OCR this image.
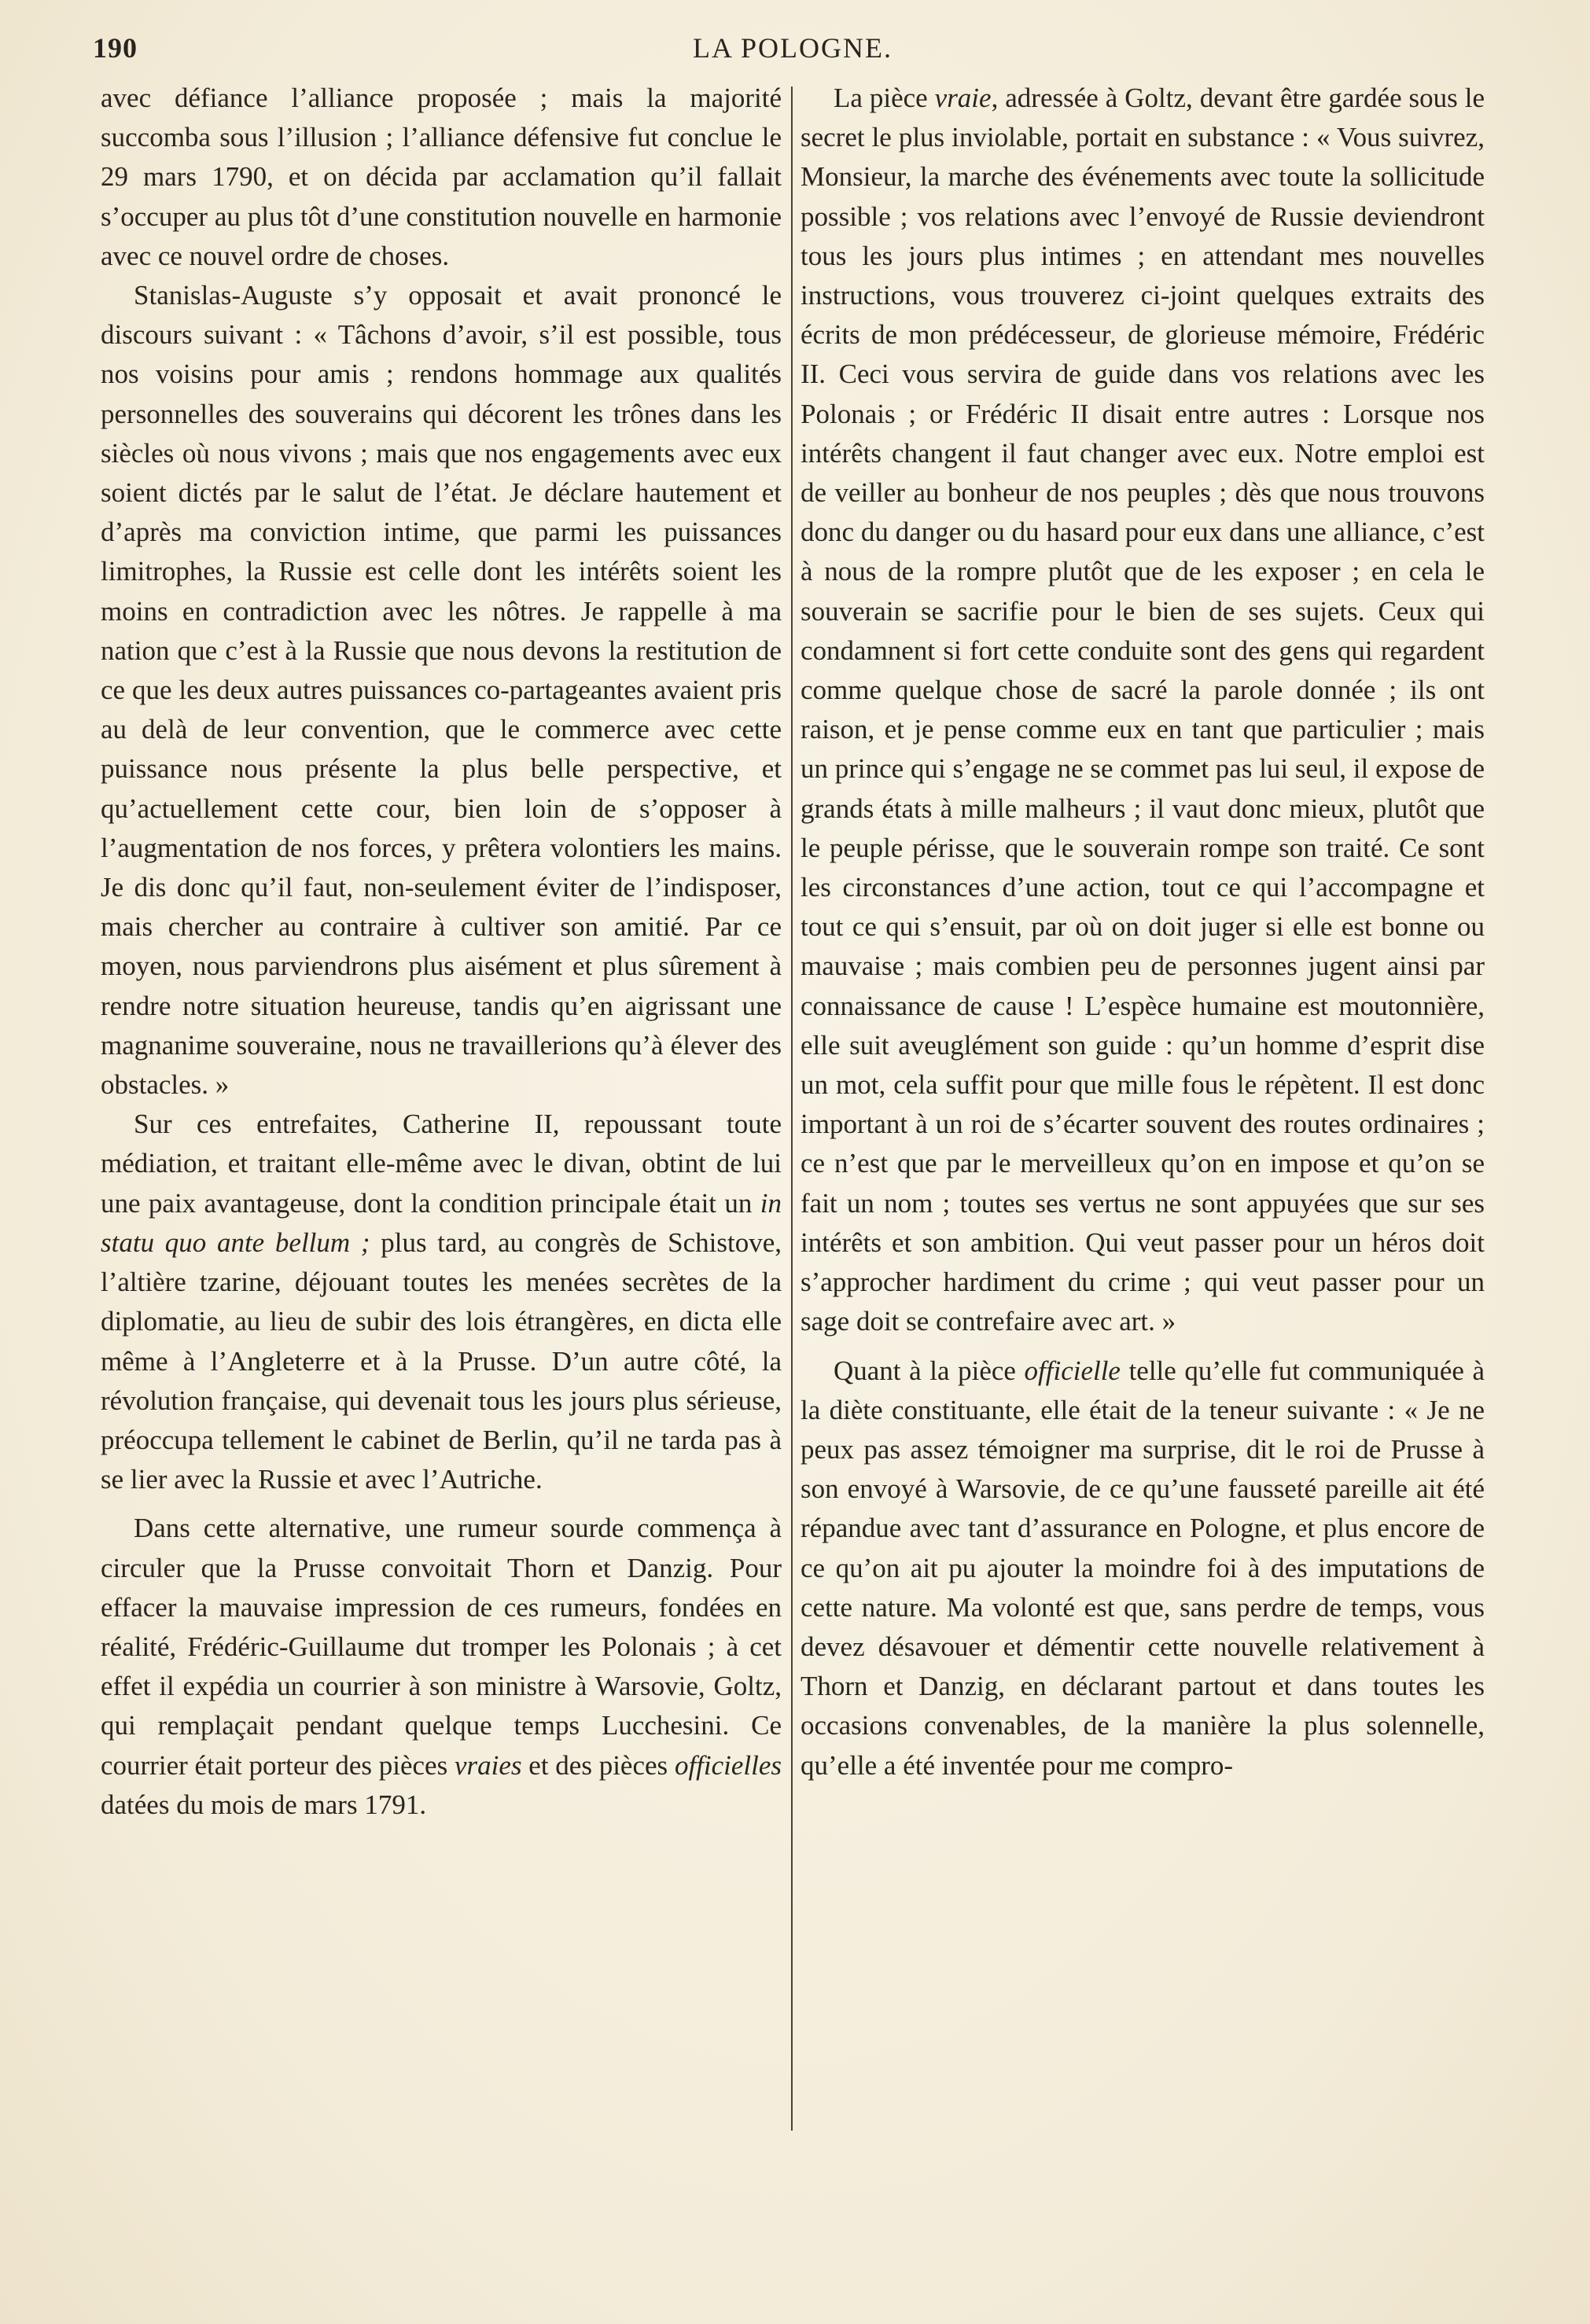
190	LA POLOGNE.

avec défiance l’alliance proposée ; mais la majorité succomba sous l’illusion ; l’alliance défensive fut conclue le 29 mars 1790, et on décida par acclamation qu’il fallait s’occuper au plus tôt d’une constitution nouvelle en harmonie avec ce nouvel ordre de choses.

Stanislas-Auguste s’y opposait et avait prononcé le discours suivant : « Tâchons d’avoir, s’il est possible, tous nos voisins pour amis ; rendons hommage aux qualités personnelles des souverains qui décorent les trônes dans les siècles où nous vivons ; mais que nos engagements avec eux soient dictés par le salut de l’état. Je déclare hautement et d’après ma conviction intime, que parmi les puissances limitrophes, la Russie est celle dont les intérêts soient les moins en contradiction avec les nôtres. Je rappelle à ma nation que c’est à la Russie que nous devons la restitution de ce que les deux autres puissances co-partageantes avaient pris au delà de leur convention, que le commerce avec cette puissance nous présente la plus belle perspective, et qu’actuellement cette cour, bien loin de s’opposer à l’augmentation de nos forces, y prêtera volontiers les mains. Je dis donc qu’il faut, non-seulement éviter de l’indisposer, mais chercher au contraire à cultiver son amitié. Par ce moyen, nous parviendrons plus aisément et plus sûrement à rendre notre situation heureuse, tandis qu’en aigrissant une magnanime souveraine, nous ne travaillerions qu’à élever des obstacles. »

Sur ces entrefaites, Catherine II, repoussant toute médiation, et traitant elle-même avec le divan, obtint de lui une paix avantageuse, dont la condition principale était un in statu quo ante bellum ; plus tard, au congrès de Schistove, l’altière tzarine, déjouant toutes les menées secrètes de la diplomatie, au lieu de subir des lois étrangères, en dicta elle même à l’Angleterre et à la Prusse. D’un autre côté, la révolution française, qui devenait tous les jours plus sérieuse, préoccupa tellement le cabinet de Berlin, qu’il ne tarda pas à se lier avec la Russie et avec l’Autriche.

Dans cette alternative, une rumeur sourde commença à circuler que la Prusse convoitait Thorn et Danzig. Pour effacer la mauvaise impression de ces rumeurs, fondées en réalité, Frédéric-Guillaume dut tromper les Polonais ; à cet effet il expédia un courrier à son ministre à Warsovie, Goltz, qui remplaçait pendant quelque temps Lucchesini. Ce courrier était porteur des pièces vraies et des pièces officielles datées du mois de mars 1791.

La pièce vraie, adressée à Goltz, devant être gardée sous le secret le plus inviolable, portait en substance : « Vous suivrez, Monsieur, la marche des événements avec toute la sollicitude possible ; vos relations avec l’envoyé de Russie deviendront tous les jours plus intimes ; en attendant mes nouvelles instructions, vous trouverez ci-joint quelques extraits des écrits de mon prédécesseur, de glorieuse mémoire, Frédéric II. Ceci vous servira de guide dans vos relations avec les Polonais ; or Frédéric II disait entre autres : Lorsque nos intérêts changent il faut changer avec eux. Notre emploi est de veiller au bonheur de nos peuples ; dès que nous trouvons donc du danger ou du hasard pour eux dans une alliance, c’est à nous de la rompre plutôt que de les exposer ; en cela le souverain se sacrifie pour le bien de ses sujets. Ceux qui condamnent si fort cette conduite sont des gens qui regardent comme quelque chose de sacré la parole donnée ; ils ont raison, et je pense comme eux en tant que particulier ; mais un prince qui s’engage ne se commet pas lui seul, il expose de grands états à mille malheurs ; il vaut donc mieux, plutôt que le peuple périsse, que le souverain rompe son traité. Ce sont les circonstances d’une action, tout ce qui l’accompagne et tout ce qui s’ensuit, par où on doit juger si elle est bonne ou mauvaise ; mais combien peu de personnes jugent ainsi par connaissance de cause ! L’espèce humaine est moutonnière, elle suit aveuglément son guide : qu’un homme d’esprit dise un mot, cela suffit pour que mille fous le répètent. Il est donc important à un roi de s’écarter souvent des routes ordinaires ; ce n’est que par le merveilleux qu’on en impose et qu’on se fait un nom ; toutes ses vertus ne sont appuyées que sur ses intérêts et son ambition. Qui veut passer pour un héros doit s’approcher hardiment du crime ; qui veut passer pour un sage doit se contrefaire avec art. »

Quant à la pièce officielle telle qu’elle fut communiquée à la diète constituante, elle était de la teneur suivante : « Je ne peux pas assez témoigner ma surprise, dit le roi de Prusse à son envoyé à Warsovie, de ce qu’une fausseté pareille ait été répandue avec tant d’assurance en Pologne, et plus encore de ce qu’on ait pu ajouter la moindre foi à des imputations de cette nature. Ma volonté est que, sans perdre de temps, vous devez désavouer et démentir cette nouvelle relativement à Thorn et Danzig, en déclarant partout et dans toutes les occasions convenables, de la manière la plus solennelle, qu’elle a été inventée pour me compro-
